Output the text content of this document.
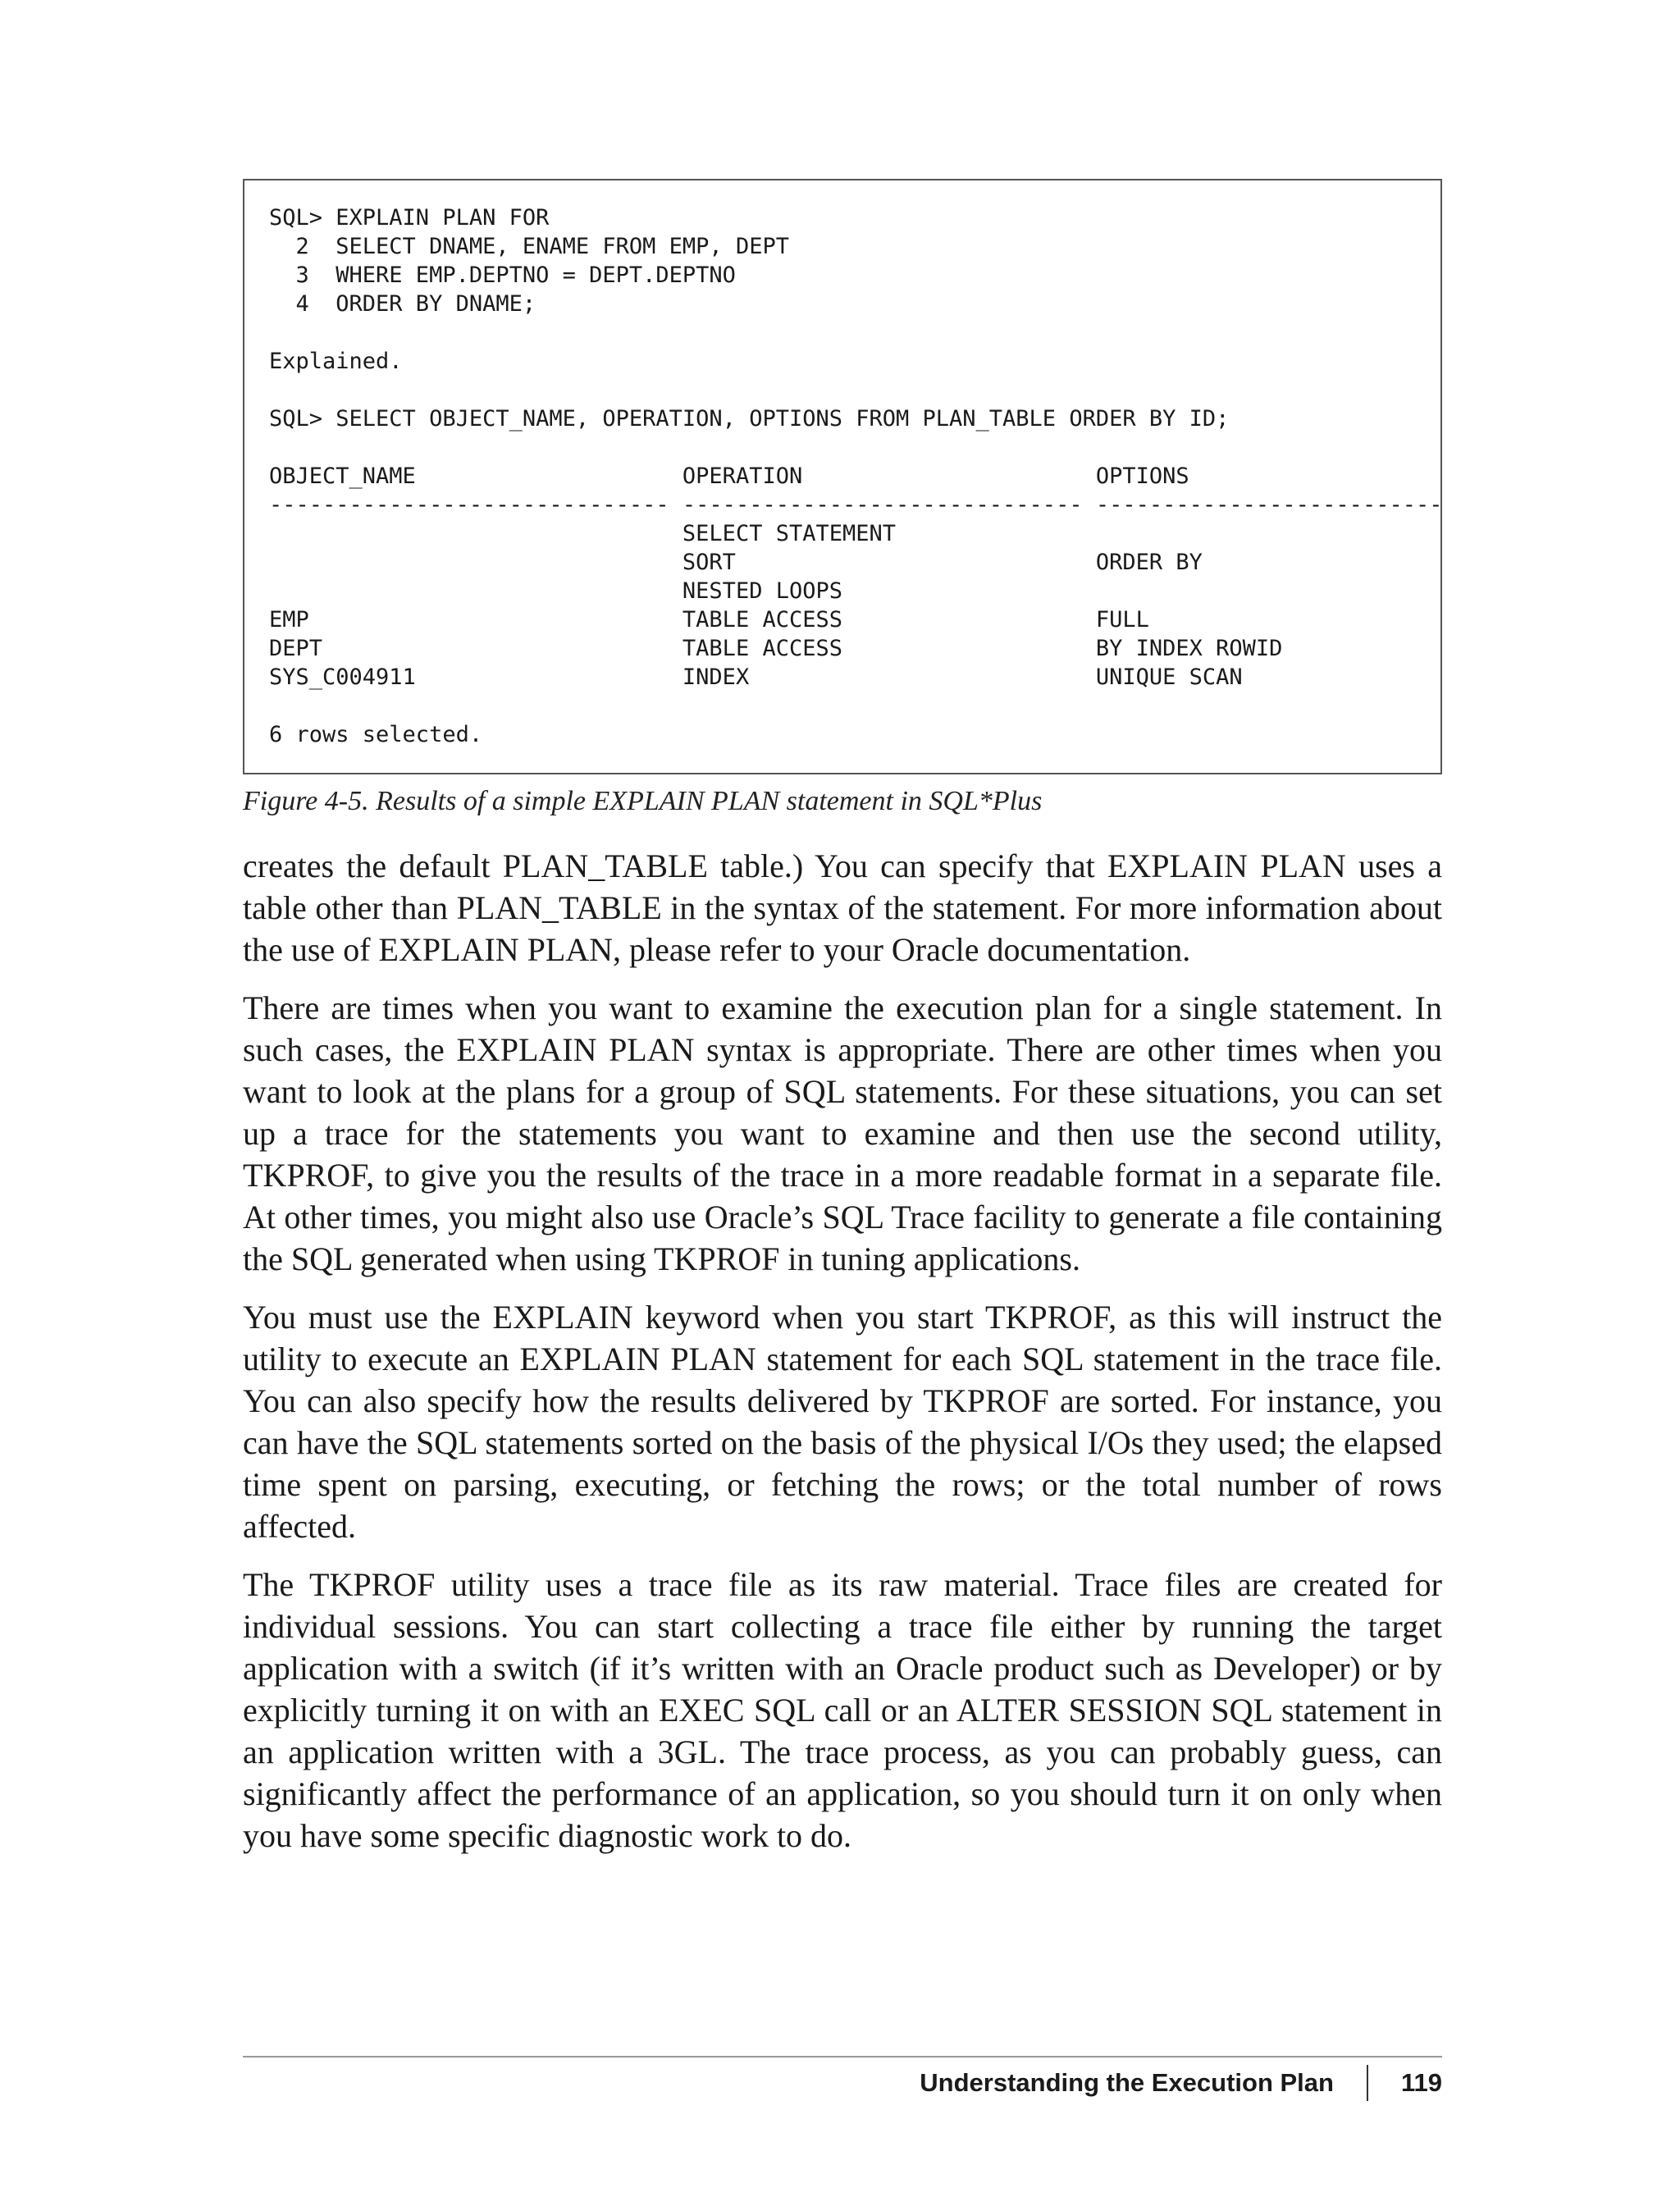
SQL> EXPLAIN PLAN FOR
2  SELECT DNAME, ENAME FROM EMP, DEPT
3  WHERE EMP.DEPTNO = DEPT.DEPTNO
4  ORDER BY DNAME;

Explained.

SQL> SELECT OBJECT_NAME, OPERATION, OPTIONS FROM PLAN_TABLE ORDER BY ID;

OBJECT_NAME                    OPERATION                      OPTIONS
------------------------------ ------------------------------ --------------------------
SELECT STATEMENT
SORT                           ORDER BY
NESTED LOOPS
EMP                            TABLE ACCESS                   FULL
DEPT                           TABLE ACCESS                   BY INDEX ROWID
SYS_C004911                    INDEX                          UNIQUE SCAN

6 rows selected.
Figure 4-5. Results of a simple EXPLAIN PLAN statement in SQL*Plus

creates the default PLAN_TABLE table.) You can specify that EXPLAIN PLAN uses a table other than PLAN_TABLE in the syntax of the statement. For more information about the use of EXPLAIN PLAN, please refer to your Oracle documentation.

There are times when you want to examine the execution plan for a single statement. In such cases, the EXPLAIN PLAN syntax is appropriate. There are other times when you want to look at the plans for a group of SQL statements. For these situations, you can set up a trace for the statements you want to examine and then use the second utility, TKPROF, to give you the results of the trace in a more readable format in a separate file. At other times, you might also use Oracle’s SQL Trace facility to generate a file containing the SQL generated when using TKPROF in tuning applications.

You must use the EXPLAIN keyword when you start TKPROF, as this will instruct the utility to execute an EXPLAIN PLAN statement for each SQL statement in the trace file. You can also specify how the results delivered by TKPROF are sorted. For instance, you can have the SQL statements sorted on the basis of the physical I/Os they used; the elapsed time spent on parsing, executing, or fetching the rows; or the total number of rows affected.

The TKPROF utility uses a trace file as its raw material. Trace files are created for individual sessions. You can start collecting a trace file either by running the target application with a switch (if it’s written with an Oracle product such as Developer) or by explicitly turning it on with an EXEC SQL call or an ALTER SESSION SQL statement in an application written with a 3GL. The trace process, as you can probably guess, can significantly affect the performance of an application, so you should turn it on only when you have some specific diagnostic work to do.

Understanding the Execution Plan	119
